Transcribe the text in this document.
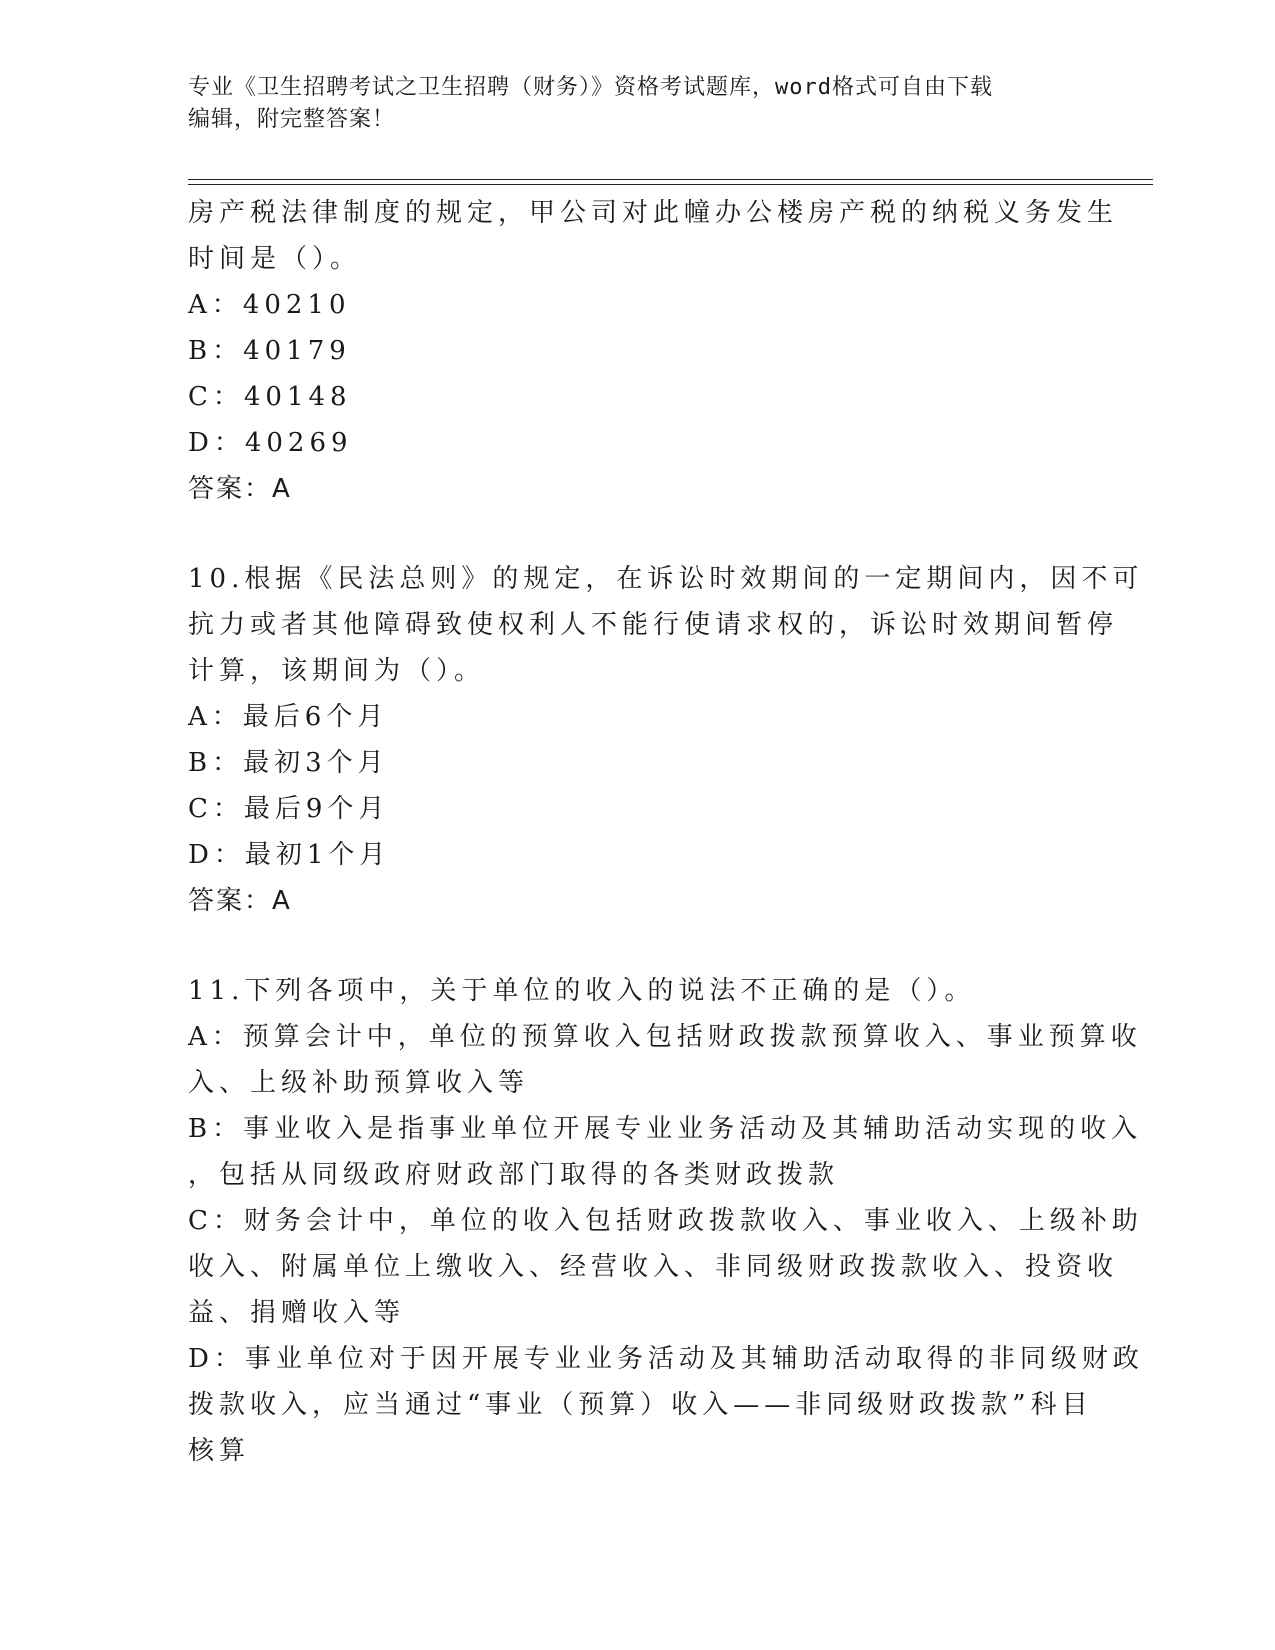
专业《卫生招聘考试之卫生招聘（财务）》资格考试题库，word格式可自由下载
编辑，附完整答案！
房产税法律制度的规定，甲公司对此幢办公楼房产税的纳税义务发生
时间是（）。
A：40210
B：40179
C：40148
D：40269
答案：A
10.根据《民法总则》的规定，在诉讼时效期间的一定期间内，因不可
抗力或者其他障碍致使权利人不能行使请求权的，诉讼时效期间暂停
计算，该期间为（）。
A：最后6个月
B：最初3个月
C：最后9个月
D：最初1个月
答案：A
11.下列各项中，关于单位的收入的说法不正确的是（）。
A：预算会计中，单位的预算收入包括财政拨款预算收入、事业预算收
入、上级补助预算收入等
B：事业收入是指事业单位开展专业业务活动及其辅助活动实现的收入
，包括从同级政府财政部门取得的各类财政拨款
C：财务会计中，单位的收入包括财政拨款收入、事业收入、上级补助
收入、附属单位上缴收入、经营收入、非同级财政拨款收入、投资收
益、捐赠收入等
D：事业单位对于因开展专业业务活动及其辅助活动取得的非同级财政
拨款收入，应当通过“事业（预算）收入——非同级财政拨款”科目
核算
